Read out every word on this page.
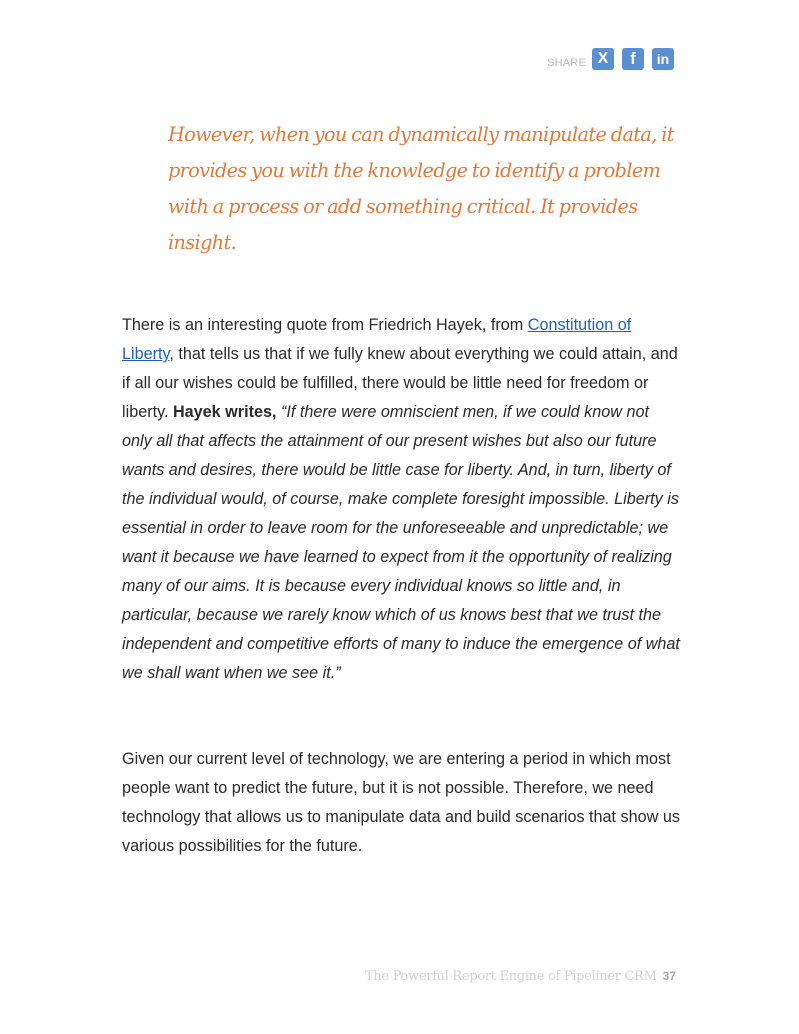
SHARE X	f	in
However, when you can dynamically manipulate data, it provides you with the knowledge to identify a problem with a process or add something critical. It provides insight.
There is an interesting quote from Friedrich Hayek, from Constitution of Liberty, that tells us that if we fully knew about everything we could attain, and if all our wishes could be fulfilled, there would be little need for freedom or liberty. Hayek writes, “If there were omniscient men, if we could know not only all that affects the attainment of our present wishes but also our future wants and desires, there would be little case for liberty. And, in turn, liberty of the individual would, of course, make complete foresight impossible. Liberty is essential in order to leave room for the unforeseeable and unpredictable; we want it because we have learned to expect from it the opportunity of realizing many of our aims. It is because every individual knows so little and, in particular, because we rarely know which of us knows best that we trust the independent and competitive efforts of many to induce the emergence of what we shall want when we see it.”
Given our current level of technology, we are entering a period in which most people want to predict the future, but it is not possible. Therefore, we need technology that allows us to manipulate data and build scenarios that show us various possibilities for the future.
The Powerful Report Engine of Pipeliner CRM 37
